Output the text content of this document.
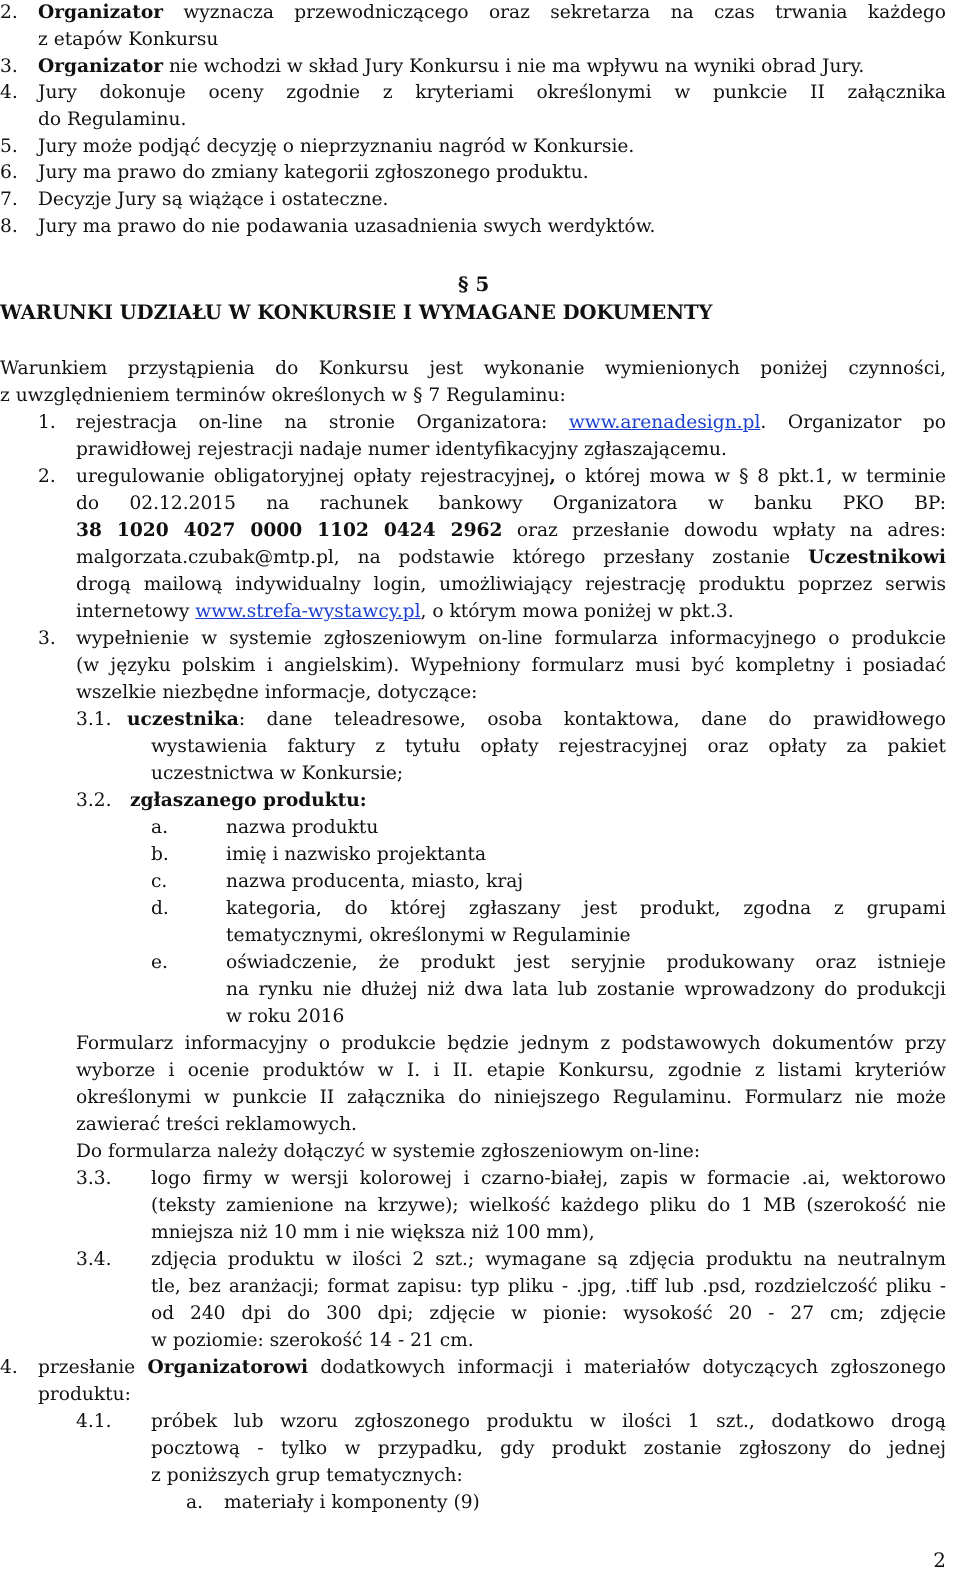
2. Organizator wyznacza przewodniczącego oraz sekretarza na czas trwania każdego
z etapów Konkursu
3. Organizator nie wchodzi w skład Jury Konkursu i nie ma wpływu na wyniki obrad Jury.
4. Jury dokonuje oceny zgodnie z kryteriami określonymi w punkcie II załącznika
do Regulaminu.
5. Jury może podjąć decyzję o nieprzyznaniu nagród w Konkursie.
6. Jury ma prawo do zmiany kategorii zgłoszonego produktu.
7. Decyzje Jury są wiążące i ostateczne.
8. Jury ma prawo do nie podawania uzasadnienia swych werdyktów.
§ 5
WARUNKI UDZIAŁU W KONKURSIE I WYMAGANE DOKUMENTY
Warunkiem przystąpienia do Konkursu jest wykonanie wymienionych poniżej czynności,
z uwzględnieniem terminów określonych w § 7 Regulaminu:
1. rejestracja on-line na stronie Organizatora: www.arenadesign.pl. Organizator po
prawidłowej rejestracji nadaje numer identyfikacyjny zgłaszającemu.
2. uregulowanie obligatoryjnej opłaty rejestracyjnej, o której mowa w § 8 pkt.1, w terminie
do 02.12.2015 na rachunek bankowy Organizatora w banku PKO BP:
38 1020 4027 0000 1102 0424 2962 oraz przesłanie dowodu wpłaty na adres:
malgorzata.czubak@mtp.pl, na podstawie którego przesłany zostanie Uczestnikowi
drogą mailową indywidualny login, umożliwiający rejestrację produktu poprzez serwis
internetowy www.strefa-wystawcy.pl, o którym mowa poniżej w pkt.3.
3. wypełnienie w systemie zgłoszeniowym on-line formularza informacyjnego o produkcie
(w języku polskim i angielskim). Wypełniony formularz musi być kompletny i posiadać
wszelkie niezbędne informacje, dotyczące:
3.1. uczestnika: dane teleadresowe, osoba kontaktowa, dane do prawidłowego
wystawienia faktury z tytułu opłaty rejestracyjnej oraz opłaty za pakiet
uczestnictwa w Konkursie;
3.2. zgłaszanego produktu:
a.	nazwa produktu
b.	imię i nazwisko projektanta
c.	nazwa producenta, miasto, kraj
d.	kategoria, do której zgłaszany jest produkt, zgodna z grupami
tematycznymi, określonymi w Regulaminie
e.	oświadczenie, że produkt jest seryjnie produkowany oraz istnieje
na rynku nie dłużej niż dwa lata lub zostanie wprowadzony do produkcji
w roku 2016
Formularz informacyjny o produkcie będzie jednym z podstawowych dokumentów przy
wyborze i ocenie produktów w I. i II. etapie Konkursu, zgodnie z listami kryteriów
określonymi w punkcie II załącznika do niniejszego Regulaminu. Formularz nie może
zawierać treści reklamowych.
Do formularza należy dołączyć w systemie zgłoszeniowym on-line:
3.3. logo firmy w wersji kolorowej i czarno-białej, zapis w formacie .ai, wektorowo
(teksty zamienione na krzywe); wielkość każdego pliku do 1 MB (szerokość nie
mniejsza niż 10 mm i nie większa niż 100 mm),
3.4. zdjęcia produktu w ilości 2 szt.; wymagane są zdjęcia produktu na neutralnym
tle, bez aranżacji; format zapisu: typ pliku - .jpg, .tiff lub .psd, rozdzielczość pliku -
od 240 dpi do 300 dpi; zdjęcie w pionie: wysokość 20 - 27 cm; zdjęcie
w poziomie: szerokość 14 - 21 cm.
4. przesłanie Organizatorowi dodatkowych informacji i materiałów dotyczących zgłoszonego
produktu:
4.1. próbek lub wzoru zgłoszonego produktu w ilości 1 szt., dodatkowo drogą
pocztową - tylko w przypadku, gdy produkt zostanie zgłoszony do jednej
z poniższych grup tematycznych:
a. materiały i komponenty (9)
2
